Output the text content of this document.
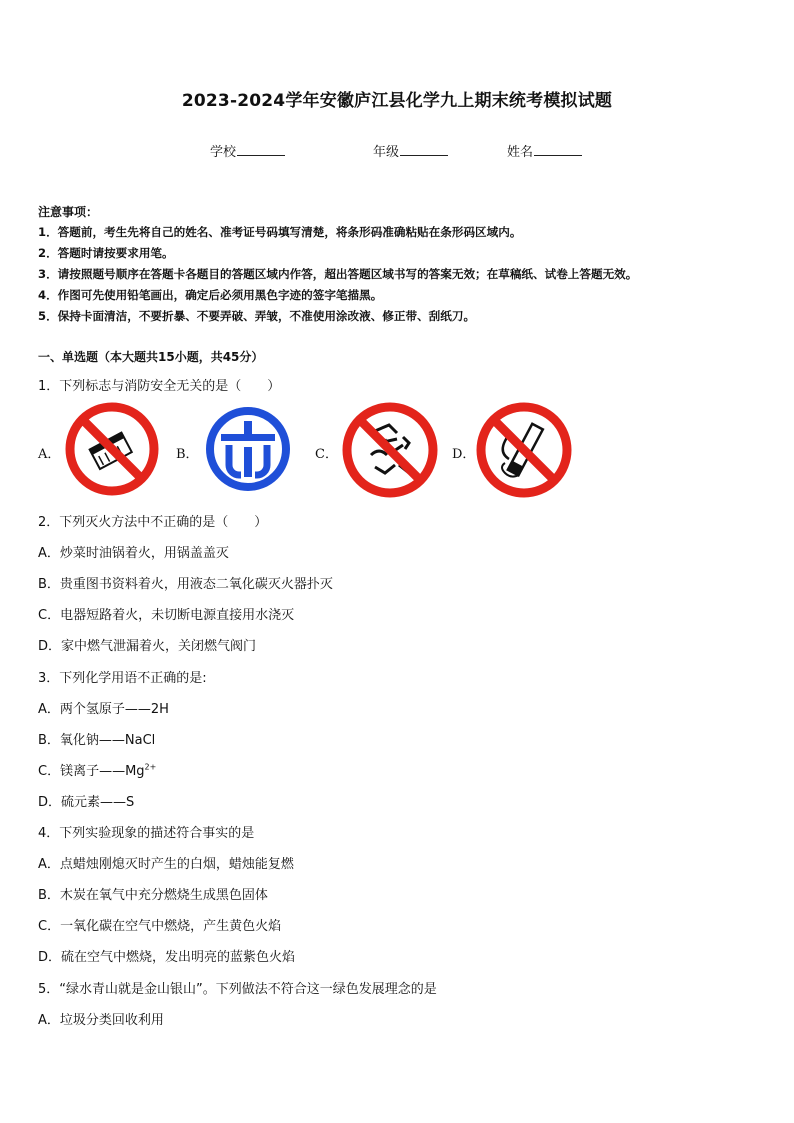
2023-2024学年安徽庐江县化学九上期末统考模拟试题
学校	年级	姓名
注意事项：
1．答题前，考生先将自己的姓名、准考证号码填写清楚，将条形码准确粘贴在条形码区域内。
2．答题时请按要求用笔。
3．请按照题号顺序在答题卡各题目的答题区域内作答，超出答题区域书写的答案无效；在草稿纸、试卷上答题无效。
4．作图可先使用铅笔画出，确定后必须用黑色字迹的签字笔描黑。
5．保持卡面清洁，不要折暴、不要弄破、弄皱，不准使用涂改液、修正带、刮纸刀。
一、单选题（本大题共15小题，共45分）
1．下列标志与消防安全无关的是（　　）
A．	B．	C．	D．
2．下列灭火方法中不正确的是（　　）
A．炒菜时油锅着火，用锅盖盖灭
B．贵重图书资料着火，用液态二氧化碳灭火器扑灭
C．电器短路着火，未切断电源直接用水浇灭
D．家中燃气泄漏着火，关闭燃气阀门
3．下列化学用语不正确的是:
A．两个氢原子——2H
B．氧化钠——NaCl
C．镁离子$——Mg^{2+}$
D．硫元素——S
4．下列实验现象的描述符合事实的是
A．点蜡烛刚熄灭时产生的白烟，蜡烛能复燃
B．木炭在氧气中充分燃烧生成黑色固体
C．一氧化碳在空气中燃烧，产生黄色火焰
D．硫在空气中燃烧，发出明亮的蓝紫色火焰
5．“绿水青山就是金山银山”。下列做法不符合这一绿色发展理念的是
A．垃圾分类回收利用
